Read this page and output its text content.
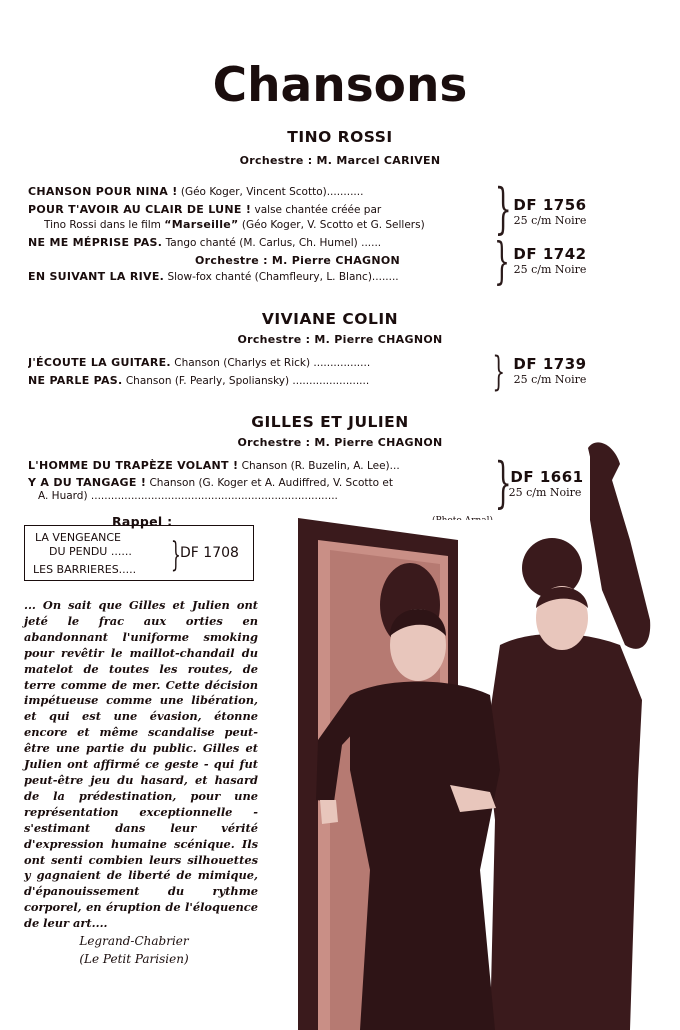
Chansons
TINO ROSSI
Orchestre : M. Marcel CARIVEN
CHANSON POUR NINA ! (Géo Koger, Vincent Scotto)...........
POUR T'AVOIR AU CLAIR DE LUNE ! valse chantée créée par
Tino Rossi dans le film “Marseille” (Géo Koger, V. Scotto et G. Sellers)
NE ME MÉPRISE PAS. Tango chanté (M. Carlus, Ch. Humel) ......
Orchestre : M. Pierre CHAGNON
EN SUIVANT LA RIVE. Slow-fox chanté (Chamfleury, L. Blanc)........
}
}
DF 1756
25 c/m Noire
DF 1742
25 c/m Noire
VIVIANE COLIN
Orchestre : M. Pierre CHAGNON
J'ÉCOUTE LA GUITARE. Chanson (Charlys et Rick) .................
NE PARLE PAS. Chanson (F. Pearly, Spoliansky) .......................	} DF 1739
25 c/m Noire
GILLES ET JULIEN
Orchestre : M. Pierre CHAGNON
L'HOMME DU TRAPÈZE VOLANT ! Chanson (R. Buzelin, A. Lee)...
Y A DU TANGAGE ! Chanson (G. Koger et A. Audiffred, V. Scotto et
A. Huard) ..........................................................................	}
DF 1661
25 c/m Noire
Rappel :
LA VENGEANCE
DU PENDU ......
LES BARRIERES..... } DF 1708
... On sait que Gilles et Julien ont jeté le frac aux orties en abandonnant l'uniforme smoking pour revêtir le maillot-chandail du matelot de toutes les routes, de terre comme de mer. Cette décision impétueuse comme une libération, et qui est une évasion, étonne encore et même scandalise peut-être une partie du public. Gilles et Julien ont affirmé ce geste - qui fut peut-être jeu du hasard, et hasard de la prédestination, pour une représentation exceptionnelle - s'estimant dans leur vérité d'expression humaine scénique. Ils ont senti combien leurs silhouettes y gagnaient de liberté de mimique, d'épanouissement du rythme corporel, en éruption de l'éloquence de leur art....
Legrand-Chabrier
(Le Petit Parisien)
